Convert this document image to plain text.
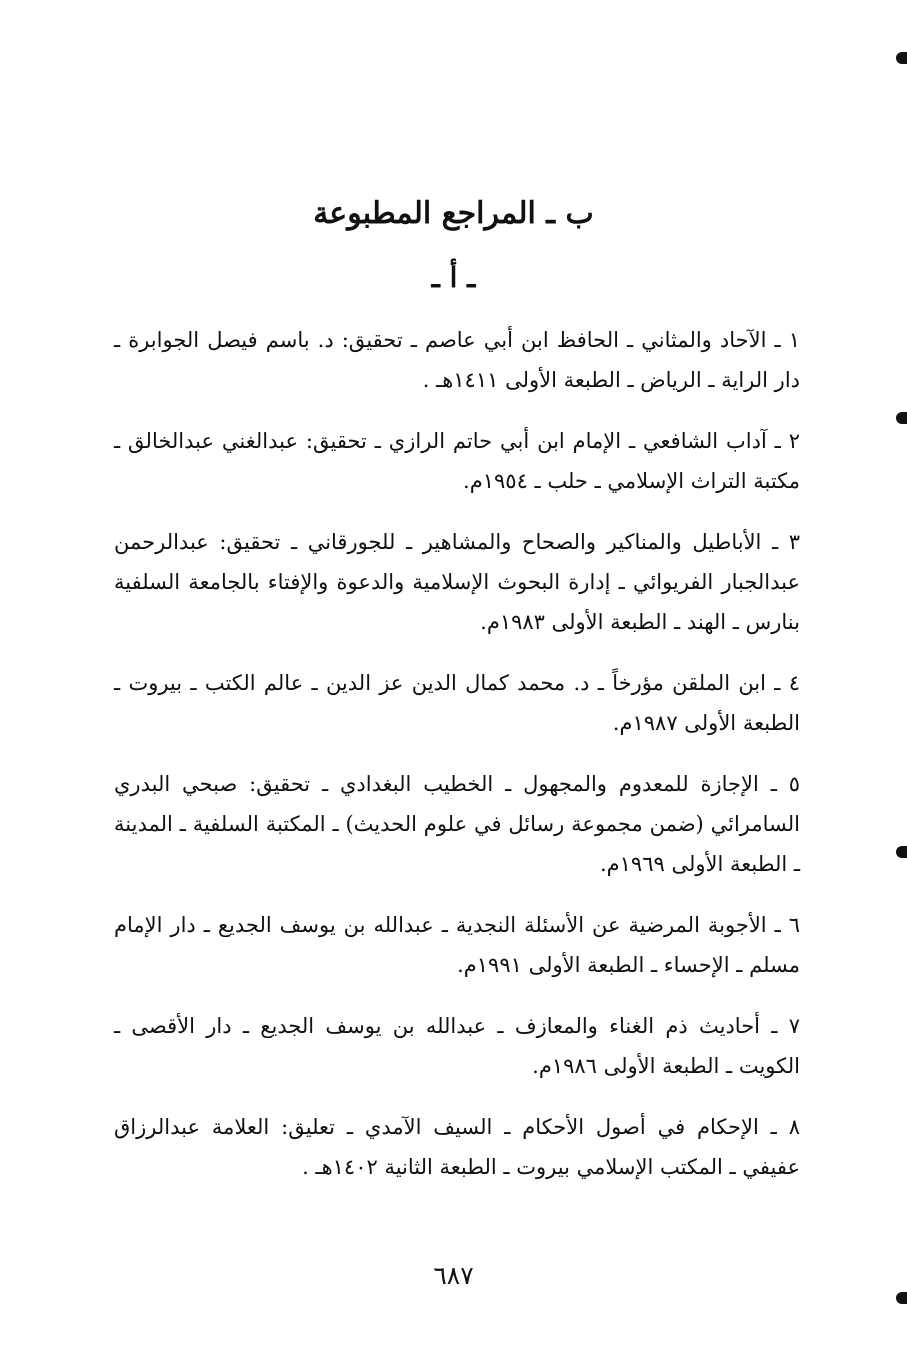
ب ـ المراجع المطبوعة
ـ أ ـ

١ ـ الآحاد والمثاني ـ الحافظ ابن أبي عاصم ـ تحقيق: د. باسم فيصل الجوابرة ـ دار الراية ـ الرياض ـ الطبعة الأولى ١٤١١هـ .

٢ ـ آداب الشافعي ـ الإمام ابن أبي حاتم الرازي ـ تحقيق: عبدالغني عبدالخالق ـ مكتبة التراث الإسلامي ـ حلب ـ ١٩٥٤م.

٣ ـ الأباطيل والمناكير والصحاح والمشاهير ـ للجورقاني ـ تحقيق: عبدالرحمن عبدالجبار الفريوائي ـ إدارة البحوث الإسلامية والدعوة والإفتاء بالجامعة السلفية بنارس ـ الهند ـ الطبعة الأولى ١٩٨٣م.

٤ ـ ابن الملقن مؤرخاً ـ د. محمد كمال الدين عز الدين ـ عالم الكتب ـ بيروت ـ الطبعة الأولى ١٩٨٧م.

٥ ـ الإجازة للمعدوم والمجهول ـ الخطيب البغدادي ـ تحقيق: صبحي البدري السامرائي (ضمن مجموعة رسائل في علوم الحديث) ـ المكتبة السلفية ـ المدينة ـ الطبعة الأولى ١٩٦٩م.

٦ ـ الأجوبة المرضية عن الأسئلة النجدية ـ عبدالله بن يوسف الجديع ـ دار الإمام مسلم ـ الإحساء ـ الطبعة الأولى ١٩٩١م.

٧ ـ أحاديث ذم الغناء والمعازف ـ عبدالله بن يوسف الجديع ـ دار الأقصى ـ الكويت ـ الطبعة الأولى ١٩٨٦م.

٨ ـ الإحكام في أصول الأحكام ـ السيف الآمدي ـ تعليق: العلامة عبدالرزاق عفيفي ـ المكتب الإسلامي بيروت ـ الطبعة الثانية ١٤٠٢هـ .

٦٨٧
